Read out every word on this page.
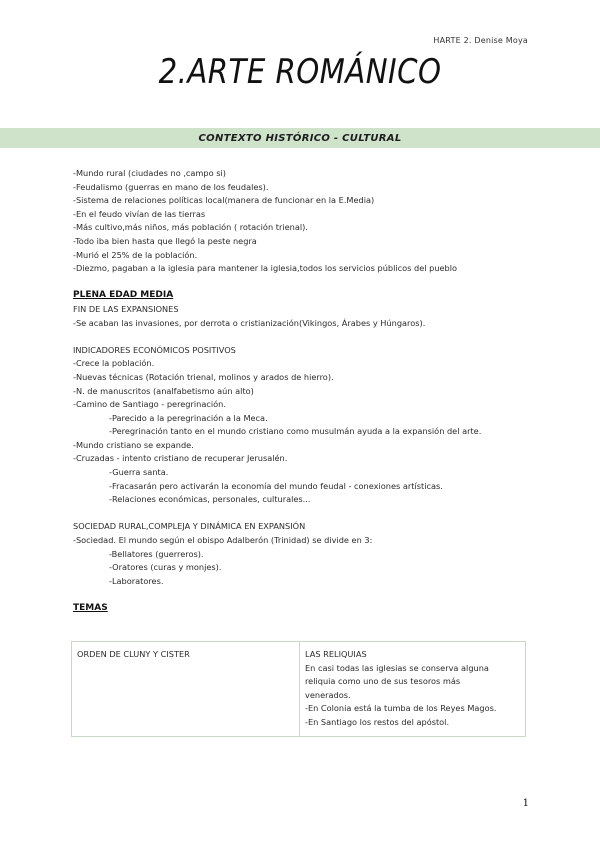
HARTE 2. Denise Moya
2.ARTE ROMÁNICO
CONTEXTO HISTÓRICO - CULTURAL
-Mundo rural (ciudades no ,campo si)
-Feudalismo (guerras en mano de los feudales).
-Sistema de relaciones políticas local(manera de funcionar en la E.Media)
-En el feudo vivían de las tierras
-Más cultivo,más niños, más población ( rotación trienal).
-Todo iba bien hasta que llegó la peste negra
-Murió el 25% de la población.
-Diezmo, pagaban a la iglesia para mantener la iglesia,todos los servicios públicos del pueblo
PLENA EDAD MEDIA
FIN DE LAS EXPANSIONES
-Se acaban las invasiones, por derrota o cristianización(Vikingos, Árabes y Húngaros).
INDICADORES ECONÓMICOS POSITIVOS
-Crece la población.
-Nuevas técnicas (Rotación trienal, molinos y arados de hierro).
-N. de manuscritos (analfabetismo aún alto)
-Camino de Santiago - peregrinación.
-Parecido a la peregrinación a la Meca.
-Peregrinación tanto en el mundo cristiano como musulmán ayuda a la expansión del arte.
-Mundo cristiano se expande.
-Cruzadas - intento cristiano de recuperar Jerusalén.
-Guerra santa.
-Fracasarán pero activarán la economía del mundo feudal - conexiones artísticas.
-Relaciones económicas, personales, culturales...
SOCIEDAD RURAL,COMPLEJA Y DINÁMICA EN EXPANSIÓN
-Sociedad. El mundo según el obispo Adalberón (Trinidad) se divide en 3:
-Bellatores (guerreros).
-Oratores (curas y monjes).
-Laboratores.
TEMAS
ORDEN DE CLUNY Y CISTER	LAS RELIQUIAS
En casi todas las iglesias se conserva alguna
reliquia como uno de sus tesoros más
venerados.
-En Colonia está la tumba de los Reyes Magos.
-En Santiago los restos del apóstol.
1
